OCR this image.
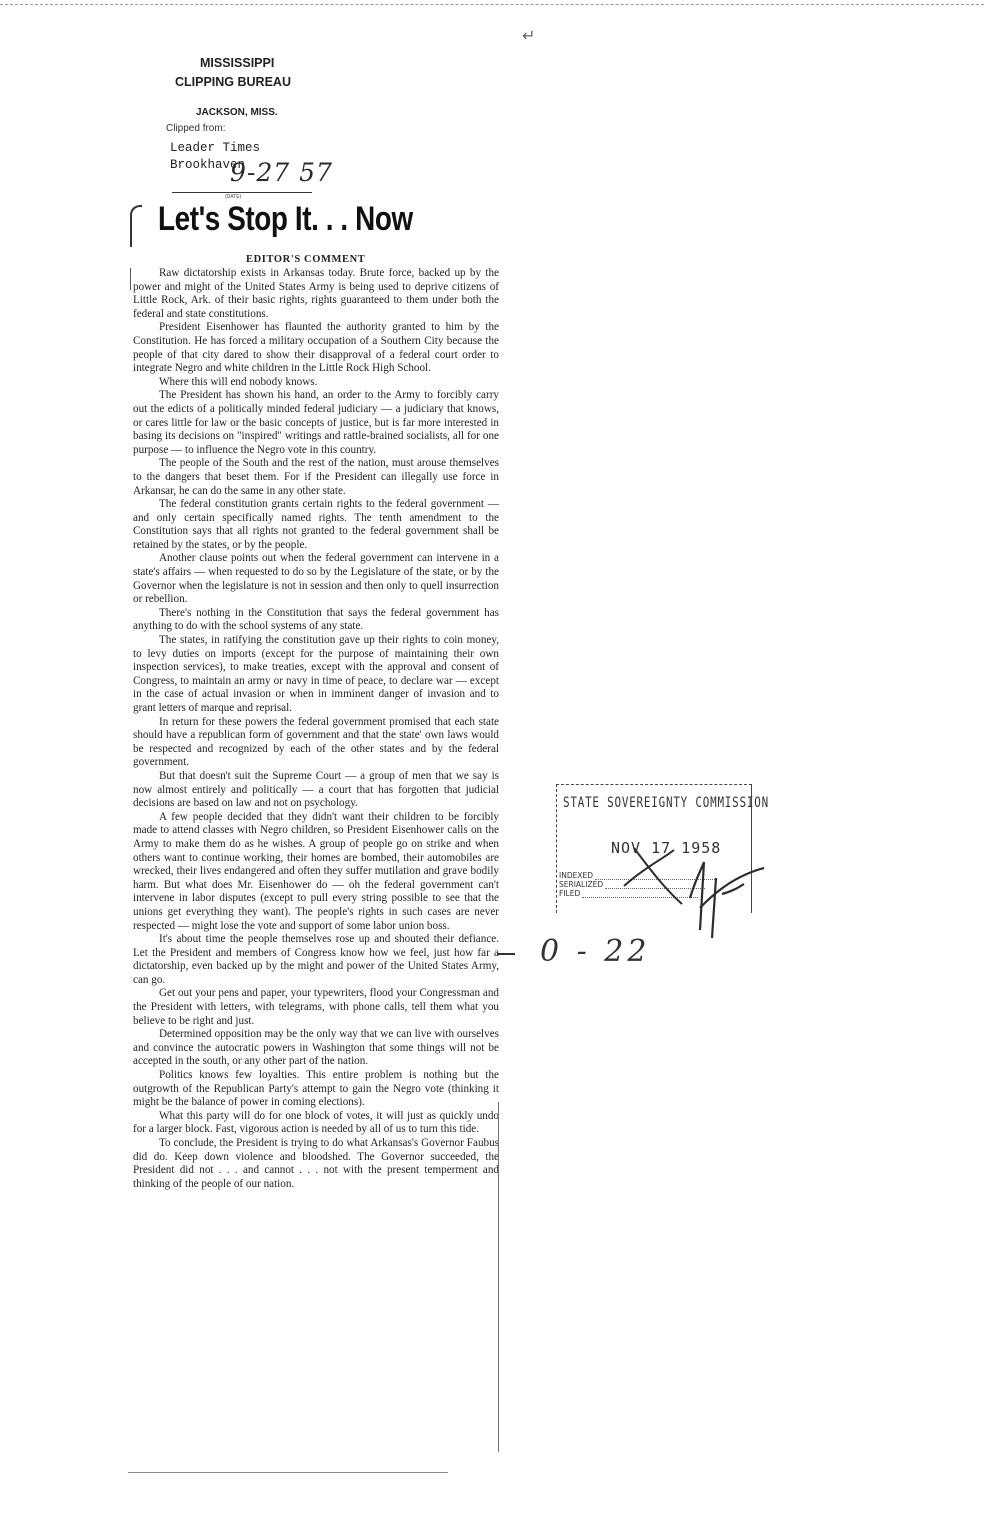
↵
MISSISSIPPI
CLIPPING BUREAU
JACKSON, MISS.
Clipped from:
Leader Times
Brookhaven
9-27 57
(DATE)
Let's Stop It. . . Now
EDITOR'S COMMENT

Raw dictatorship exists in Arkansas today. Brute force, backed up by the power and might of the United States Army is being used to deprive citizens of Little Rock, Ark. of their basic rights, rights guaranteed to them under both the federal and state constitutions.

President Eisenhower has flaunted the authority granted to him by the Constitution. He has forced a military occupation of a Southern City because the people of that city dared to show their disapproval of a federal court order to integrate Negro and white children in the Little Rock High School.

Where this will end nobody knows.

The President has shown his hand, an order to the Army to forcibly carry out the edicts of a politically minded federal judiciary — a judiciary that knows, or cares little for law or the basic concepts of justice, but is far more interested in basing its decisions on "inspired" writings and rattle-brained socialists, all for one purpose — to influence the Negro vote in this country.

The people of the South and the rest of the nation, must arouse themselves to the dangers that beset them. For if the President can illegally use force in Arkansar, he can do the same in any other state.

The federal constitution grants certain rights to the federal government — and only certain specifically named rights. The tenth amendment to the Constitution says that all rights not granted to the federal government shall be retained by the states, or by the people.

Another clause points out when the federal government can intervene in a state's affairs — when requested to do so by the Legislature of the state, or by the Governor when the legislature is not in session and then only to quell insurrection or rebellion.

There's nothing in the Constitution that says the federal government has anything to do with the school systems of any state.

The states, in ratifying the constitution gave up their rights to coin money, to levy duties on imports (except for the purpose of maintaining their own inspection services), to make treaties, except with the approval and consent of Congress, to maintain an army or navy in time of peace, to declare war — except in the case of actual invasion or when in imminent danger of invasion and to grant letters of marque and reprisal.

In return for these powers the federal government promised that each state should have a republican form of government and that the state' own laws would be respected and recognized by each of the other states and by the federal government.

But that doesn't suit the Supreme Court — a group of men that we say is now almost entirely and politically — a court that has forgotten that judicial decisions are based on law and not on psychology.

A few people decided that they didn't want their children to be forcibly made to attend classes with Negro children, so President Eisenhower calls on the Army to make them do as he wishes. A group of people go on strike and when others want to continue working, their homes are bombed, their automobiles are wrecked, their lives endangered and often they suffer mutilation and grave bodily harm. But what does Mr. Eisenhower do — oh the federal government can't intervene in labor disputes (except to pull every string possible to see that the unions get everything they want). The people's rights in such cases are never respected — might lose the vote and support of some labor union boss.

It's about time the people themselves rose up and shouted their defiance. Let the President and members of Congress know how we feel, just how far a dictatorship, even backed up by the might and power of the United States Army, can go.

Get out your pens and paper, your typewriters, flood your Congressman and the President with letters, with telegrams, with phone calls, tell them what you believe to be right and just.

Determined opposition may be the only way that we can live with ourselves and convince the autocratic powers in Washington that some things will not be accepted in the south, or any other part of the nation.

Politics knows few loyalties. This entire problem is nothing but the outgrowth of the Republican Party's attempt to gain the Negro vote (thinking it might be the balance of power in coming elections).

What this party will do for one block of votes, it will just as quickly undo for a larger block. Fast, vigorous action is needed by all of us to turn this tide.

To conclude, the President is trying to do what Arkansas's Governor Faubus did do. Keep down violence and bloodshed. The Governor succeeded, the President did not . . . and cannot . . . not with the present temperment and thinking of the people of our nation.

STATE SOVEREIGNTY COMMISSION
NOV 17 1958
INDEXED
SERIALIZED
FILED
0 - 22
